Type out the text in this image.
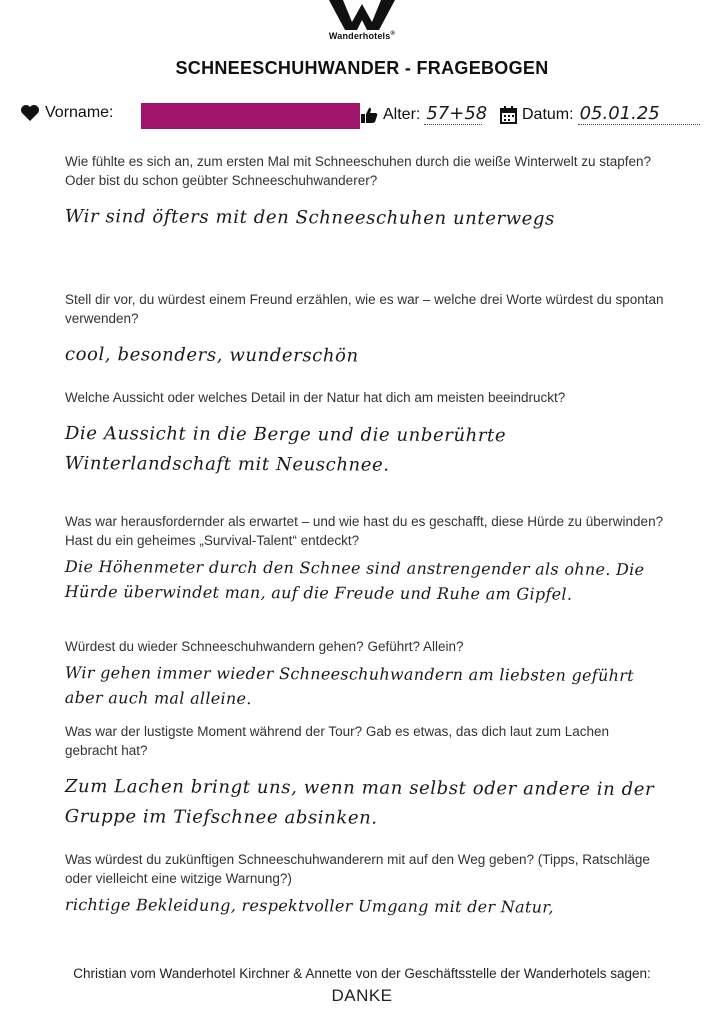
Wanderhotels®
SCHNEESCHUHWANDER - FRAGEBOGEN
Vorname:	Alter: 57+58 Datum: 05.01.25
Wie fühlte es sich an, zum ersten Mal mit Schneeschuhen durch die weiße Winterwelt zu stapfen? Oder bist du schon geübter Schneeschuhwanderer?
Wir sind öfters mit den Schneeschuhen unterwegs
Stell dir vor, du würdest einem Freund erzählen, wie es war – welche drei Worte würdest du spontan verwenden?
cool, besonders, wunderschön
Welche Aussicht oder welches Detail in der Natur hat dich am meisten beeindruckt?
Die Aussicht in die Berge und die unberührte Winterlandschaft mit Neuschnee.
Was war herausfordernder als erwartet – und wie hast du es geschafft, diese Hürde zu überwinden? Hast du ein geheimes „Survival-Talent“ entdeckt?
Die Höhenmeter durch den Schnee sind anstrengender als ohne. Die Hürde überwindet man, auf die Freude und Ruhe am Gipfel.
Würdest du wieder Schneeschuhwandern gehen? Geführt? Allein?
Wir gehen immer wieder Schneeschuhwandern am liebsten geführt aber auch mal alleine.
Was war der lustigste Moment während der Tour? Gab es etwas, das dich laut zum Lachen gebracht hat?
Zum Lachen bringt uns, wenn man selbst oder andere in der Gruppe im Tiefschnee absinken.
Was würdest du zukünftigen Schneeschuhwanderern mit auf den Weg geben? (Tipps, Ratschläge oder vielleicht eine witzige Warnung?)
richtige Bekleidung, respektvoller Umgang mit der Natur,
Christian vom Wanderhotel Kirchner & Annette von der Geschäftsstelle der Wanderhotels sagen:
DANKE
